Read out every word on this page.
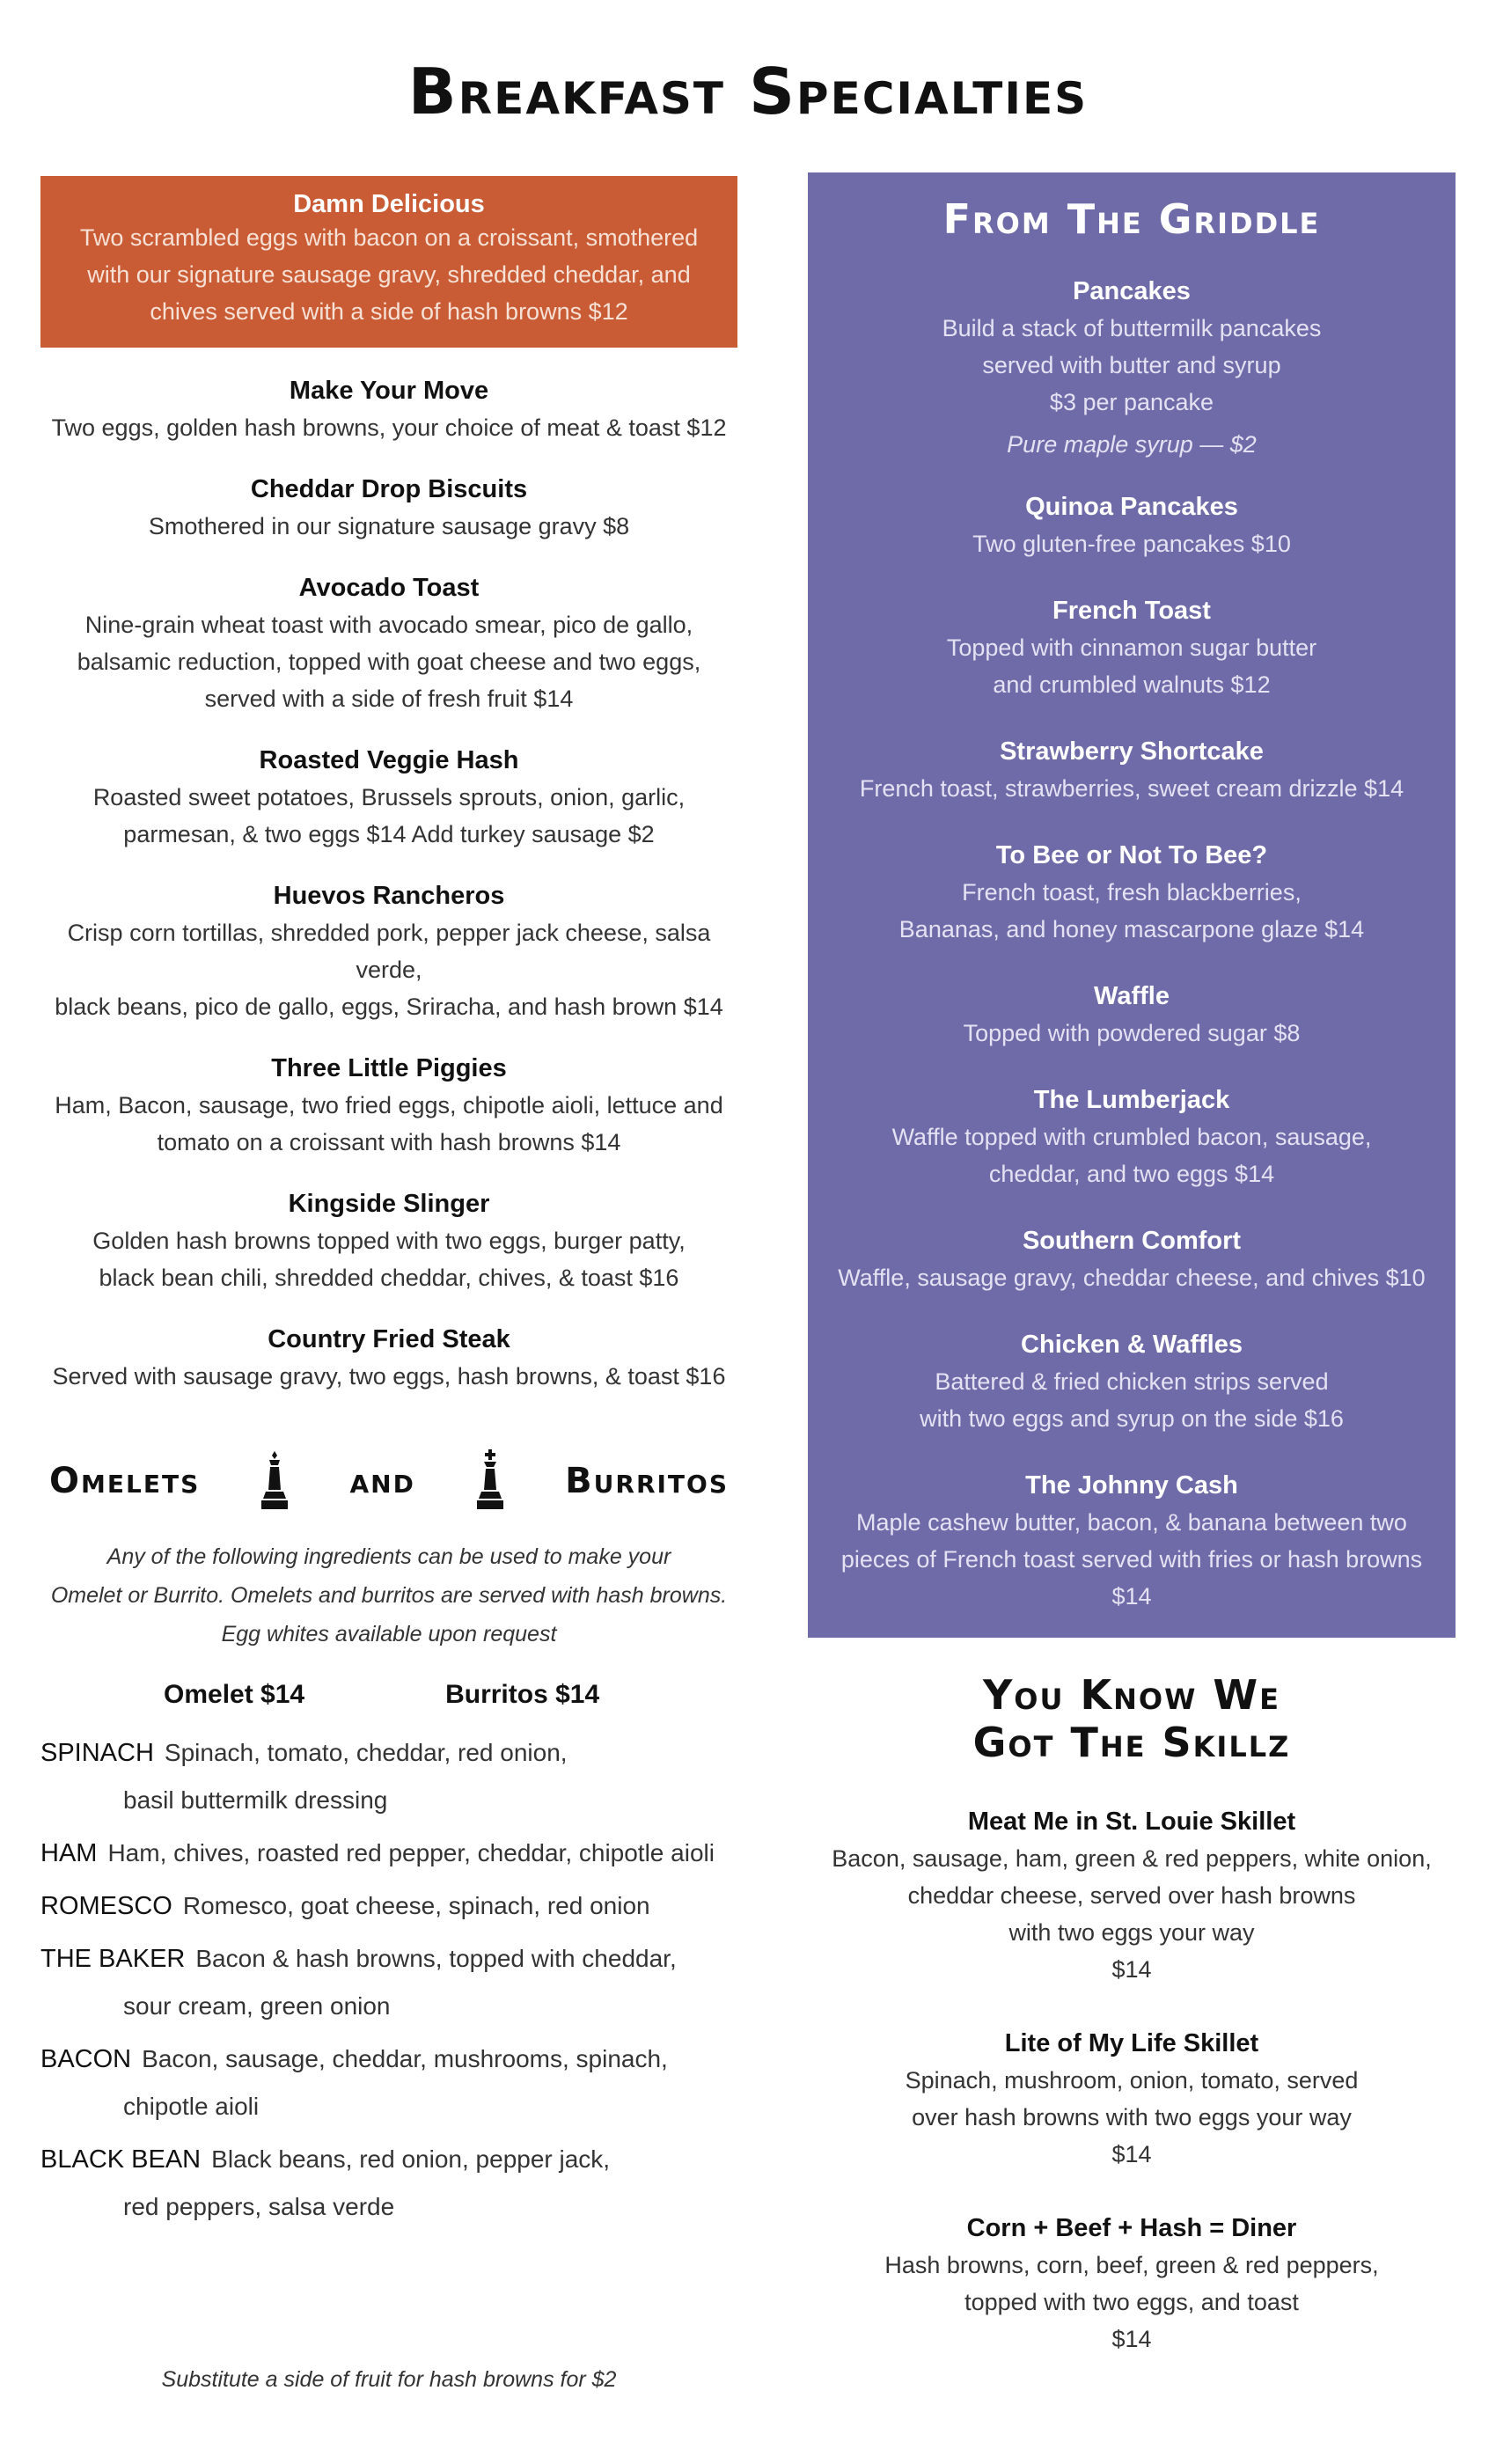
Breakfast Specialties
Damn Delicious
Two scrambled eggs with bacon on a croissant, smothered with our signature sausage gravy, shredded cheddar, and chives served with a side of hash browns $12
Make Your Move
Two eggs, golden hash browns, your choice of meat & toast $12
Cheddar Drop Biscuits
Smothered in our signature sausage gravy $8
Avocado Toast
Nine-grain wheat toast with avocado smear, pico de gallo,
balsamic reduction, topped with goat cheese and two eggs,
served with a side of fresh fruit $14
Roasted Veggie Hash
Roasted sweet potatoes, Brussels sprouts, onion, garlic,
parmesan, & two eggs $14 Add turkey sausage $2
Huevos Rancheros
Crisp corn tortillas, shredded pork, pepper jack cheese, salsa verde,
black beans, pico de gallo, eggs, Sriracha, and hash brown $14
Three Little Piggies
Ham, Bacon, sausage, two fried eggs, chipotle aioli, lettuce and
tomato on a croissant with hash browns $14
Kingside Slinger
Golden hash browns topped with two eggs, burger patty,
black bean chili, shredded cheddar, chives, & toast $16
Country Fried Steak
Served with sausage gravy, two eggs, hash browns, & toast $16
Omelets	and	Burritos
Any of the following ingredients can be used to make your
Omelet or Burrito. Omelets and burritos are served with hash browns.
Egg whites available upon request
Omelet $14	Burritos $14
SPINACH Spinach, tomato, cheddar, red onion,
basil buttermilk dressing
HAM Ham, chives, roasted red pepper, cheddar, chipotle aioli
ROMESCO Romesco, goat cheese, spinach, red onion
THE BAKER Bacon & hash browns, topped with cheddar,
sour cream, green onion
BACON Bacon, sausage, cheddar, mushrooms, spinach,
chipotle aioli
BLACK BEAN Black beans, red onion, pepper jack,
red peppers, salsa verde
Substitute a side of fruit for hash browns for $2
From The Griddle
Pancakes
Build a stack of buttermilk pancakes
served with butter and syrup
$3 per pancake
Pure maple syrup — $2
Quinoa Pancakes
Two gluten-free pancakes $10
French Toast
Topped with cinnamon sugar butter
and crumbled walnuts $12
Strawberry Shortcake
French toast, strawberries, sweet cream drizzle $14
To Bee or Not To Bee?
French toast, fresh blackberries,
Bananas, and honey mascarpone glaze $14
Waffle
Topped with powdered sugar $8
The Lumberjack
Waffle topped with crumbled bacon, sausage,
cheddar, and two eggs $14
Southern Comfort
Waffle, sausage gravy, cheddar cheese, and chives $10
Chicken & Waffles
Battered & fried chicken strips served
with two eggs and syrup on the side $16
The Johnny Cash
Maple cashew butter, bacon, & banana between two
pieces of French toast served with fries or hash browns $14
You Know We
Got The Skillz
Meat Me in St. Louie Skillet
Bacon, sausage, ham, green & red peppers, white onion,
cheddar cheese, served over hash browns
with two eggs your way
$14
Lite of My Life Skillet
Spinach, mushroom, onion, tomato, served
over hash browns with two eggs your way
$14
Corn + Beef + Hash = Diner
Hash browns, corn, beef, green & red peppers,
topped with two eggs, and toast
$14
